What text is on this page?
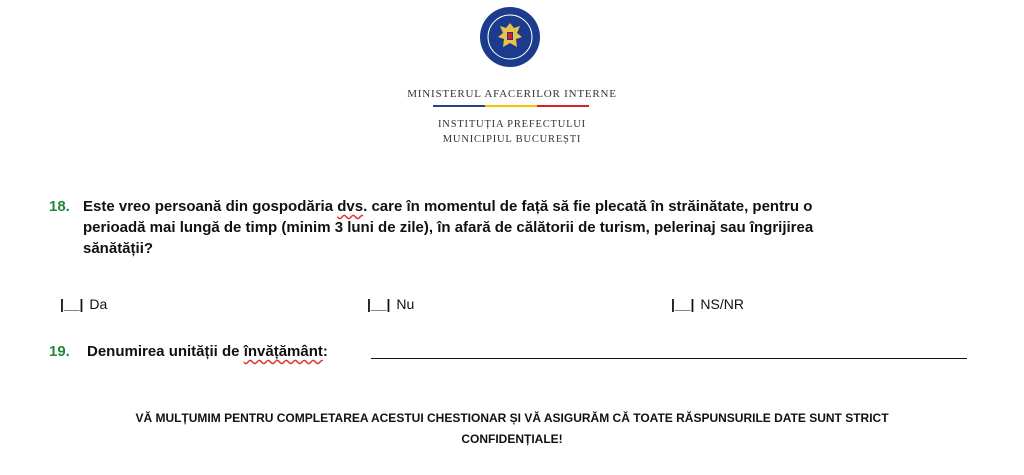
MINISTERUL AFACERILOR INTERNE
INSTITUȚIA PREFECTULUI
MUNICIPIUL BUCUREȘTI
18. Este vreo persoană din gospodăria dvs. care în momentul de față să fie plecată în străinătate, pentru o
perioadă mai lungă de timp (minim 3 luni de zile), în afară de călătorii de turism, pelerinaj sau îngrijirea
sănătății?
|__| Da	|__| Nu	|__| NS/NR
19. Denumirea unității de învățământ:
VĂ MULȚUMIM PENTRU COMPLETAREA ACESTUI CHESTIONAR ȘI VĂ ASIGURĂM CĂ TOATE RĂSPUNSURILE DATE SUNT STRICT
CONFIDENȚIALE!
